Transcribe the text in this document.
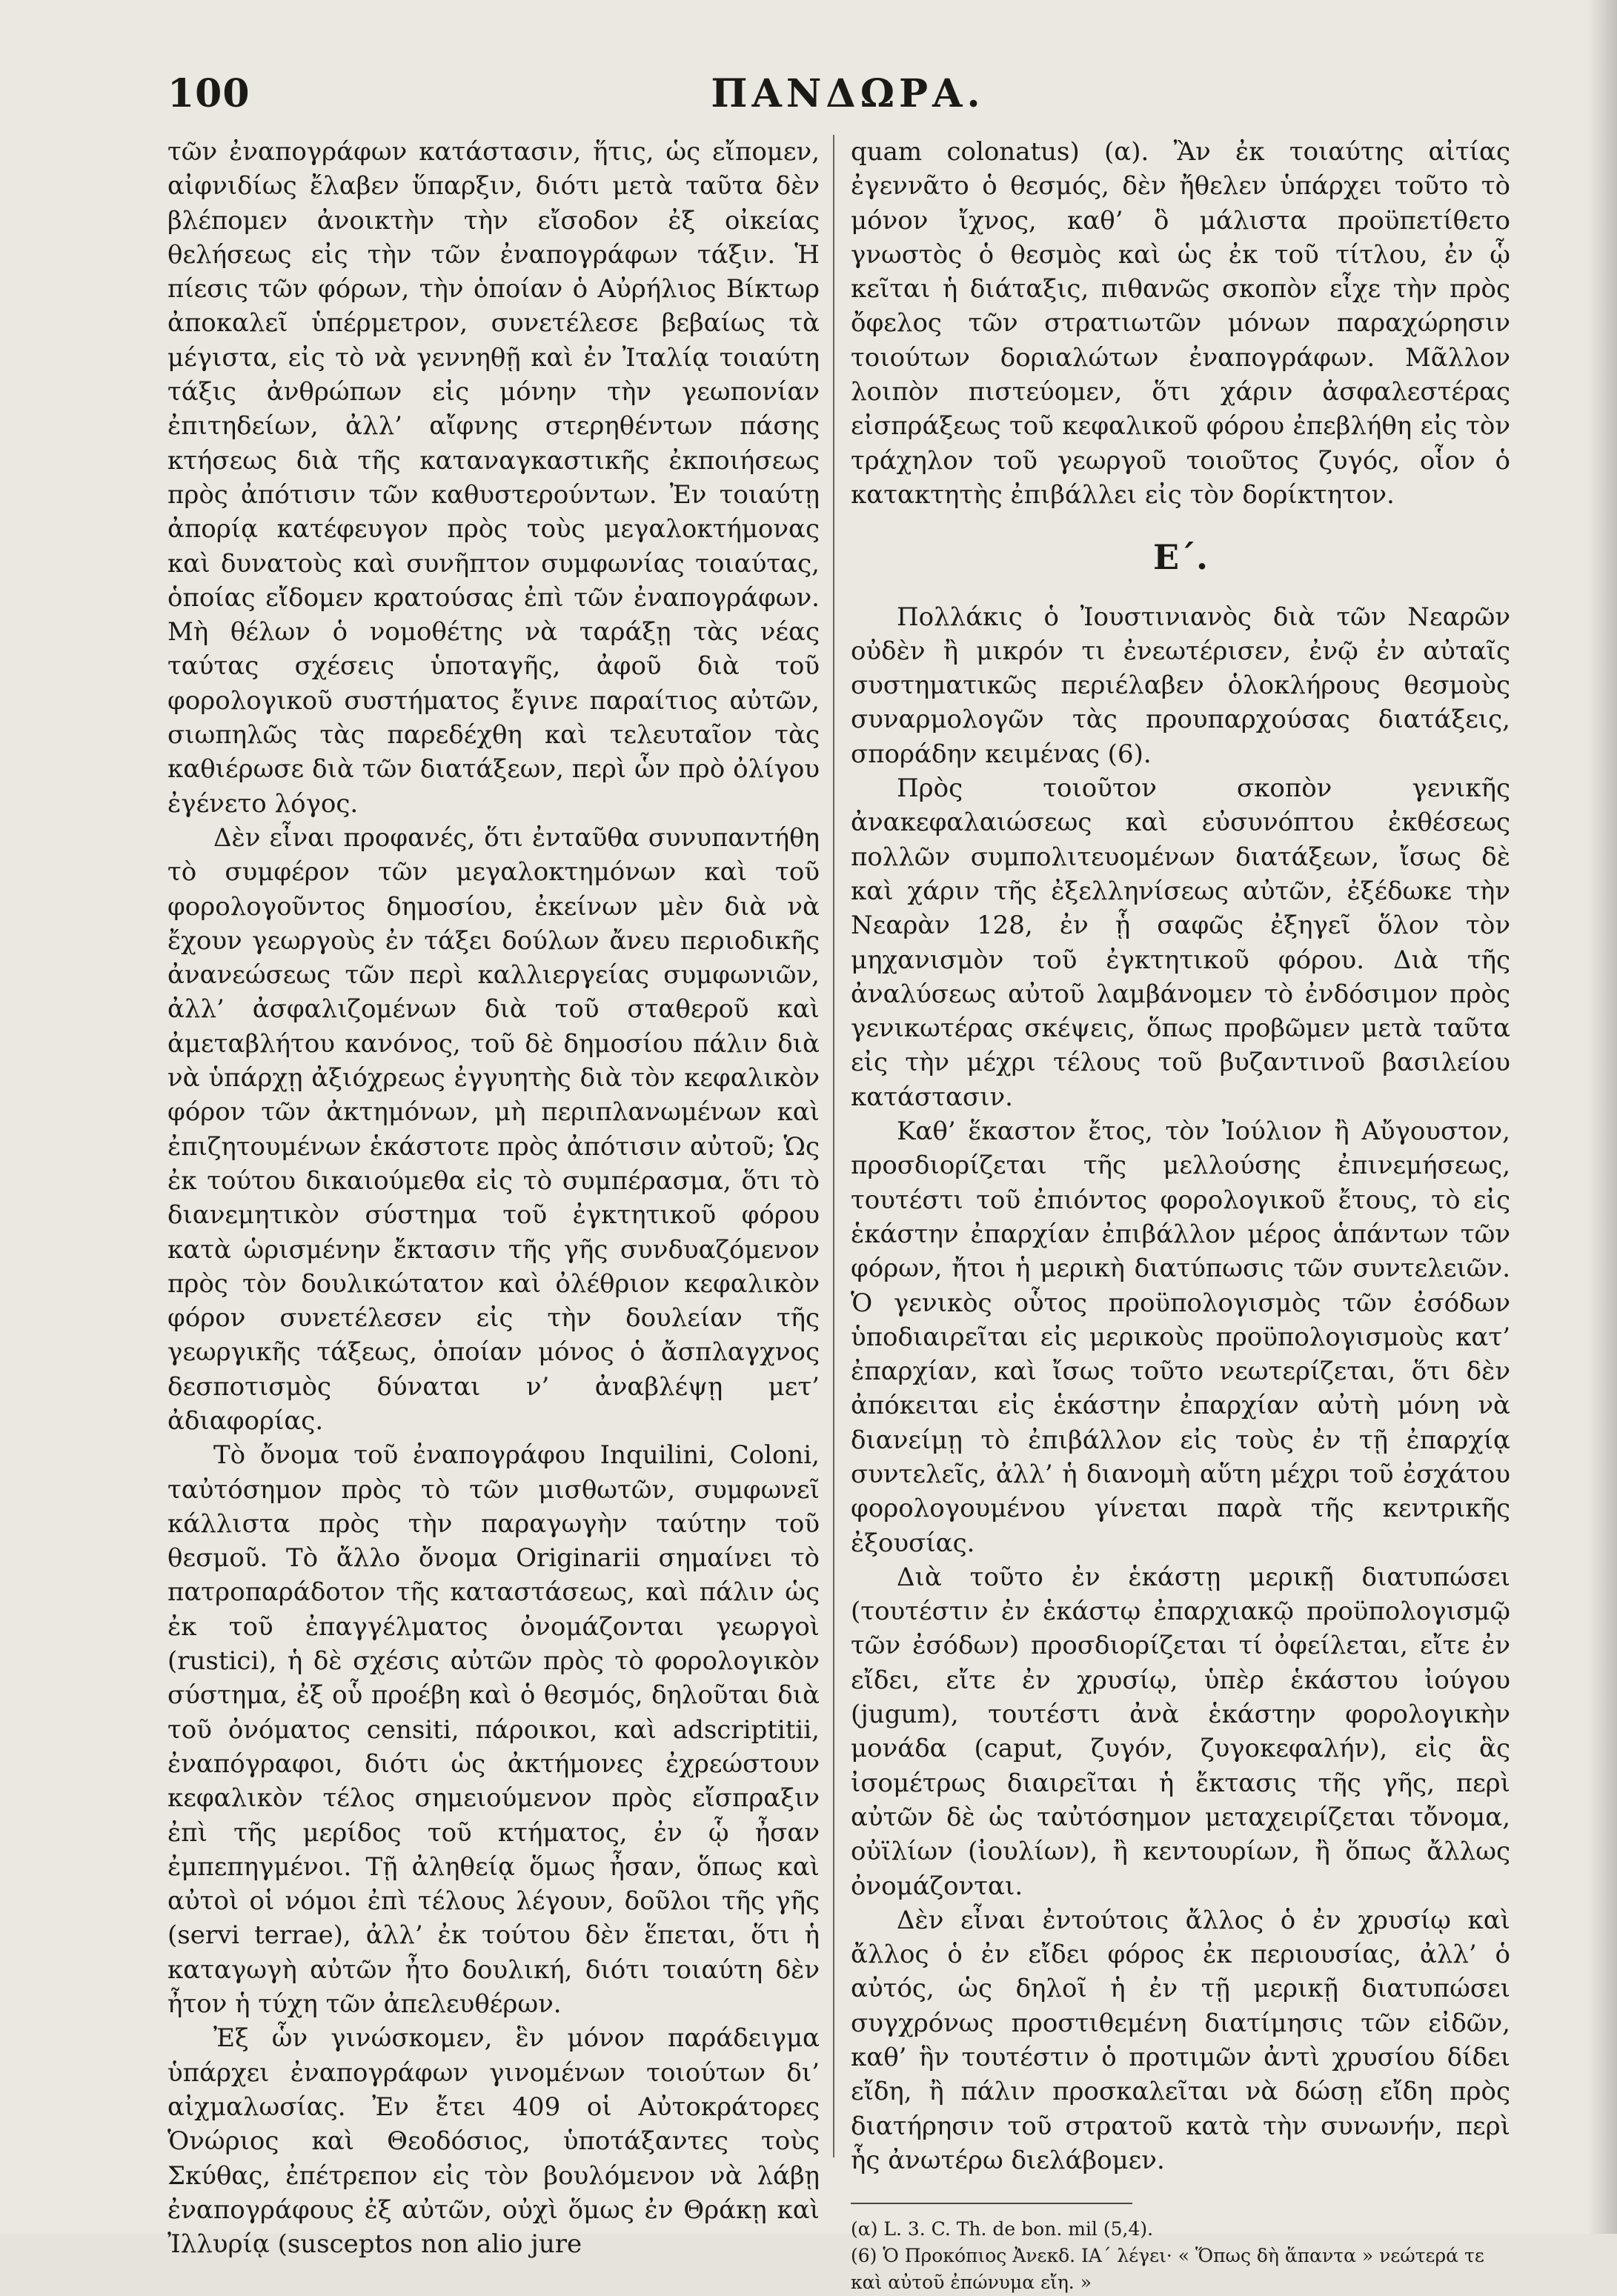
ΠΑΝΔΩΡΑ.
100

τῶν ἐναπογράφων κατάστασιν, ἥτις, ὡς εἴπομεν, αἰφνιδίως ἔλαβεν ὕπαρξιν, διότι μετὰ ταῦτα δὲν βλέπομεν ἀνοικτὴν τὴν εἴσοδον ἐξ οἰκείας θελήσεως εἰς τὴν τῶν ἐναπογράφων τάξιν. Ἡ πίεσις τῶν φόρων, τὴν ὁποίαν ὁ Αὐρήλιος Βίκτωρ ἀποκαλεῖ ὑπέρμετρον, συνετέλεσε βεβαίως τὰ μέγιστα, εἰς τὸ νὰ γεννηθῇ καὶ ἐν Ἰταλίᾳ τοιαύτη τάξις ἀνθρώπων εἰς μόνην τὴν γεωπονίαν ἐπιτηδείων, ἀλλ’ αἴφνης στερηθέντων πάσης κτήσεως διὰ τῆς καταναγκαστικῆς ἐκποιήσεως πρὸς ἀπότισιν τῶν καθυστερούντων. Ἐν τοιαύτῃ ἀπορίᾳ κατέφευγον πρὸς τοὺς μεγαλοκτήμονας καὶ δυνατοὺς καὶ συνῆπτον συμφωνίας τοιαύτας, ὁποίας εἴδομεν κρατούσας ἐπὶ τῶν ἐναπογράφων. Μὴ θέλων ὁ νομοθέτης νὰ ταράξῃ τὰς νέας ταύτας σχέσεις ὑποταγῆς, ἀφοῦ διὰ τοῦ φορολογικοῦ συστήματος ἔγινε παραίτιος αὐτῶν, σιωπηλῶς τὰς παρεδέχθη καὶ τελευταῖον τὰς καθιέρωσε διὰ τῶν διατάξεων, περὶ ὧν πρὸ ὀλίγου ἐγένετο λόγος.

Δὲν εἶναι προφανές, ὅτι ἐνταῦθα συνυπαντήθη τὸ συμφέρον τῶν μεγαλοκτημόνων καὶ τοῦ φορολογοῦντος δημοσίου, ἐκείνων μὲν διὰ νὰ ἔχουν γεωργοὺς ἐν τάξει δούλων ἄνευ περιοδικῆς ἀνανεώσεως τῶν περὶ καλλιεργείας συμφωνιῶν, ἀλλ’ ἀσφαλιζομένων διὰ τοῦ σταθεροῦ καὶ ἀμεταβλήτου κανόνος, τοῦ δὲ δημοσίου πάλιν διὰ νὰ ὑπάρχῃ ἀξιόχρεως ἐγγυητὴς διὰ τὸν κεφαλικὸν φόρον τῶν ἀκτημόνων, μὴ περιπλανωμένων καὶ ἐπιζητουμένων ἑκάστοτε πρὸς ἀπότισιν αὐτοῦ; Ὡς ἐκ τούτου δικαιούμεθα εἰς τὸ συμπέρασμα, ὅτι τὸ διανεμητικὸν σύστημα τοῦ ἐγκτητικοῦ φόρου κατὰ ὡρισμένην ἔκτασιν τῆς γῆς συνδυαζόμενον πρὸς τὸν δουλικώτατον καὶ ὀλέθριον κεφαλικὸν φόρον συνετέλεσεν εἰς τὴν δουλείαν τῆς γεωργικῆς τάξεως, ὁποίαν μόνος ὁ ἄσπλαγχνος δεσποτισμὸς δύναται ν’ ἀναβλέψῃ μετ’ ἀδιαφορίας.

Τὸ ὄνομα τοῦ ἐναπογράφου Inquilini, Coloni, ταὐτόσημον πρὸς τὸ τῶν μισθωτῶν, συμφωνεῖ κάλλιστα πρὸς τὴν παραγωγὴν ταύτην τοῦ θεσμοῦ. Τὸ ἄλλο ὄνομα Originarii σημαίνει τὸ πατροπαράδοτον τῆς καταστάσεως, καὶ πάλιν ὡς ἐκ τοῦ ἐπαγγέλματος ὀνομάζονται γεωργοὶ (rustici), ἡ δὲ σχέσις αὐτῶν πρὸς τὸ φορολογικὸν σύστημα, ἐξ οὗ προέβη καὶ ὁ θεσμός, δηλοῦται διὰ τοῦ ὀνόματος censiti, πάροικοι, καὶ adscriptitii, ἐναπόγραφοι, διότι ὡς ἀκτήμονες ἐχρεώστουν κεφαλικὸν τέλος σημειούμενον πρὸς εἴσπραξιν ἐπὶ τῆς μερίδος τοῦ κτήματος, ἐν ᾧ ἦσαν ἐμπεπηγμένοι. Τῇ ἀληθείᾳ ὅμως ἦσαν, ὅπως καὶ αὐτοὶ οἱ νόμοι ἐπὶ τέλους λέγουν, δοῦλοι τῆς γῆς (servi terrae), ἀλλ’ ἐκ τούτου δὲν ἕπεται, ὅτι ἡ καταγωγὴ αὐτῶν ἦτο δουλική, διότι τοιαύτη δὲν ἦτον ἡ τύχη τῶν ἀπελευθέρων.

Ἐξ ὧν γινώσκομεν, ἓν μόνον παράδειγμα ὑπάρχει ἐναπογράφων γινομένων τοιούτων δι’ αἰχμαλωσίας. Ἐν ἔτει 409 οἱ Αὐτοκράτορες Ὁνώριος καὶ Θεοδόσιος, ὑποτάξαντες τοὺς Σκύθας, ἐπέτρεπον εἰς τὸν βουλόμενον νὰ λάβῃ ἐναπογράφους ἐξ αὐτῶν, οὐχὶ ὅμως ἐν Θράκῃ καὶ Ἰλλυρίᾳ (susceptos non alio jure

quam colonatus) (α). Ἂν ἐκ τοιαύτης αἰτίας ἐγεννᾶτο ὁ θεσμός, δὲν ἤθελεν ὑπάρχει τοῦτο τὸ μόνον ἴχνος, καθ’ ὃ μάλιστα προϋπετίθετο γνωστὸς ὁ θεσμὸς καὶ ὡς ἐκ τοῦ τίτλου, ἐν ᾧ κεῖται ἡ διάταξις, πιθανῶς σκοπὸν εἶχε τὴν πρὸς ὄφελος τῶν στρατιωτῶν μόνων παραχώρησιν τοιούτων δοριαλώτων ἐναπογράφων. Μᾶλλον λοιπὸν πιστεύομεν, ὅτι χάριν ἀσφαλεστέρας εἰσπράξεως τοῦ κεφαλικοῦ φόρου ἐπεβλήθη εἰς τὸν τράχηλον τοῦ γεωργοῦ τοιοῦτος ζυγός, οἷον ὁ κατακτητὴς ἐπιβάλλει εἰς τὸν δορίκτητον.

Ε΄.

Πολλάκις ὁ Ἰουστινιανὸς διὰ τῶν Νεαρῶν οὐδὲν ἢ μικρόν τι ἐνεωτέρισεν, ἐνῷ ἐν αὐταῖς συστηματικῶς περιέλαβεν ὁλοκλήρους θεσμοὺς συναρμολογῶν τὰς προυπαρχούσας διατάξεις, σποράδην κειμένας (6).

Πρὸς τοιοῦτον σκοπὸν γενικῆς ἀνακεφαλαιώσεως καὶ εὐσυνόπτου ἐκθέσεως πολλῶν συμπολιτευομένων διατάξεων, ἴσως δὲ καὶ χάριν τῆς ἐξελληνίσεως αὐτῶν, ἐξέδωκε τὴν Νεαρὰν 128, ἐν ᾗ σαφῶς ἐξηγεῖ ὅλον τὸν μηχανισμὸν τοῦ ἐγκτητικοῦ φόρου. Διὰ τῆς ἀναλύσεως αὐτοῦ λαμβάνομεν τὸ ἐνδόσιμον πρὸς γενικωτέρας σκέψεις, ὅπως προβῶμεν μετὰ ταῦτα εἰς τὴν μέχρι τέλους τοῦ βυζαντινοῦ βασιλείου κατάστασιν.

Καθ’ ἕκαστον ἔτος, τὸν Ἰούλιον ἢ Αὔγουστον, προσδιορίζεται τῆς μελλούσης ἐπινεμήσεως, τουτέστι τοῦ ἐπιόντος φορολογικοῦ ἔτους, τὸ εἰς ἑκάστην ἐπαρχίαν ἐπιβάλλον μέρος ἁπάντων τῶν φόρων, ἤτοι ἡ μερικὴ διατύπωσις τῶν συντελειῶν. Ὁ γενικὸς οὗτος προϋπολογισμὸς τῶν ἐσόδων ὑποδιαιρεῖται εἰς μερικοὺς προϋπολογισμοὺς κατ’ ἐπαρχίαν, καὶ ἴσως τοῦτο νεωτερίζεται, ὅτι δὲν ἀπόκειται εἰς ἑκάστην ἐπαρχίαν αὐτὴ μόνη νὰ διανείμῃ τὸ ἐπιβάλλον εἰς τοὺς ἐν τῇ ἐπαρχίᾳ συντελεῖς, ἀλλ’ ἡ διανομὴ αὕτη μέχρι τοῦ ἐσχάτου φορολογουμένου γίνεται παρὰ τῆς κεντρικῆς ἐξουσίας.

Διὰ τοῦτο ἐν ἑκάστῃ μερικῇ διατυπώσει (τουτέστιν ἐν ἑκάστῳ ἐπαρχιακῷ προϋπολογισμῷ τῶν ἐσόδων) προσδιορίζεται τί ὀφείλεται, εἴτε ἐν εἴδει, εἴτε ἐν χρυσίῳ, ὑπὲρ ἑκάστου ἰούγου (jugum), τουτέστι ἀνὰ ἑκάστην φορολογικὴν μονάδα (caput, ζυγόν, ζυγοκεφαλήν), εἰς ἃς ἰσομέτρως διαιρεῖται ἡ ἔκτασις τῆς γῆς, περὶ αὐτῶν δὲ ὡς ταὐτόσημον μεταχειρίζεται τὄνομα, οὐϊλίων (ἰουλίων), ἢ κεντουρίων, ἢ ὅπως ἄλλως ὀνομάζονται.

Δὲν εἶναι ἐντούτοις ἄλλος ὁ ἐν χρυσίῳ καὶ ἄλλος ὁ ἐν εἴδει φόρος ἐκ περιουσίας, ἀλλ’ ὁ αὐτός, ὡς δηλοῖ ἡ ἐν τῇ μερικῇ διατυπώσει συγχρόνως προστιθεμένη διατίμησις τῶν εἰδῶν, καθ’ ἣν τουτέστιν ὁ προτιμῶν ἀντὶ χρυσίου δίδει εἴδη, ἢ πάλιν προσκαλεῖται νὰ δώσῃ εἴδη πρὸς διατήρησιν τοῦ στρατοῦ κατὰ τὴν συνωνήν, περὶ ἧς ἀνωτέρω διελάβομεν.

(α) L. 3. C. Th. de bon. mil (5,4).

(6) Ὁ Προκόπιος Ἀνεκδ. ΙΑ΄ λέγει· « Ὅπως δὴ ἅπαντα » νεώτερά τε καὶ αὐτοῦ ἐπώνυμα εἴη. »
